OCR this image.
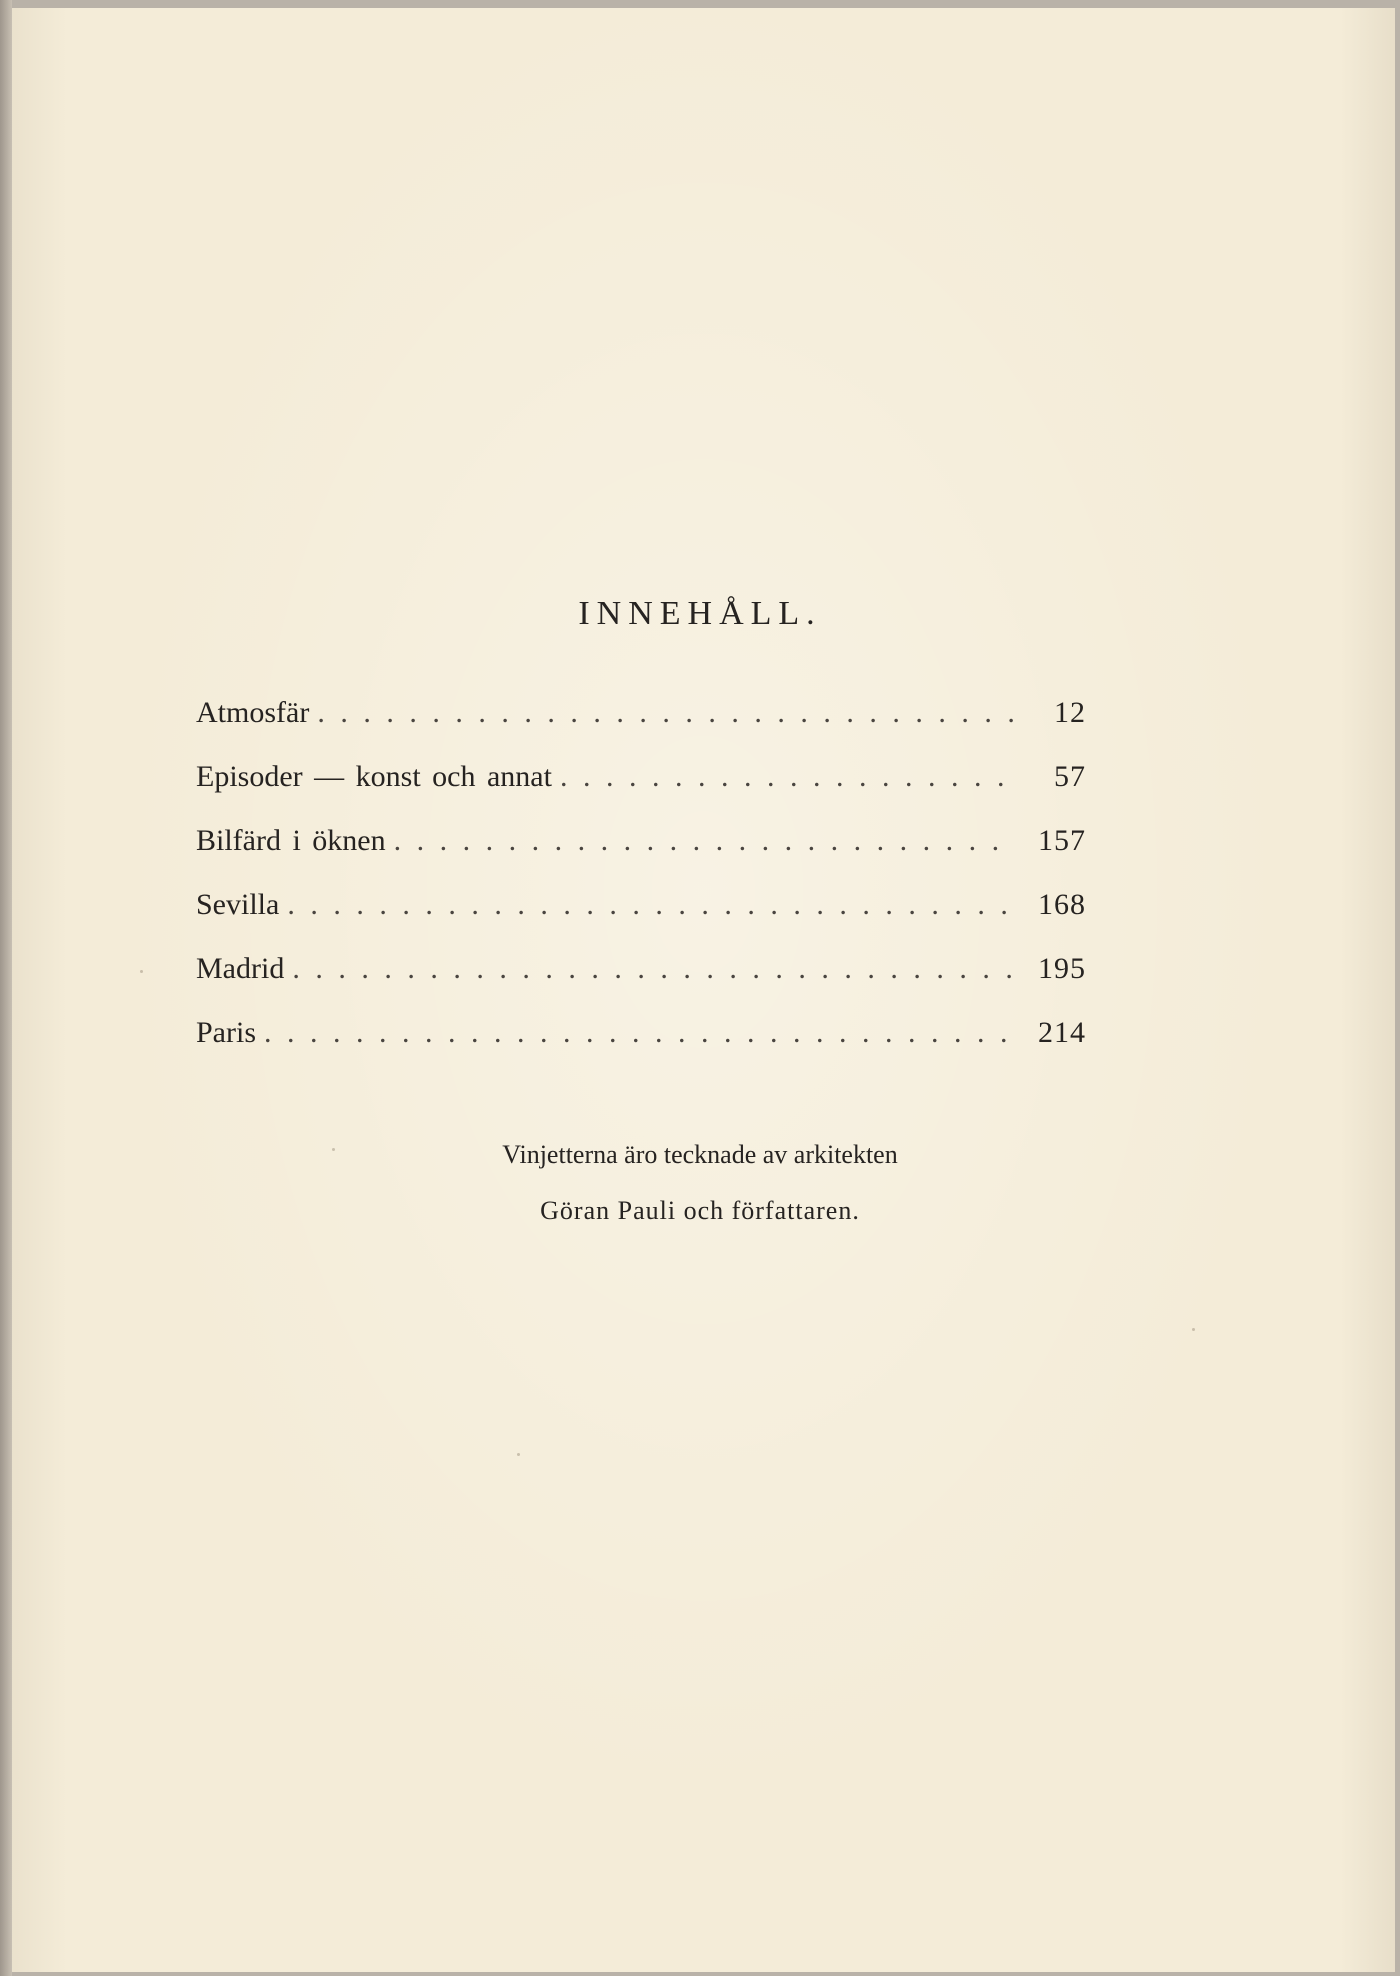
INNEHÅLL.
Atmosfär . . .	12
Episoder — konst och annat . . .	57
Bilfärd i öknen . . .	157
Sevilla . . .	168
Madrid . . .	195
Paris . . .	214

Vinjetterna äro tecknade av arkitekten
Göran Pauli och författaren.
